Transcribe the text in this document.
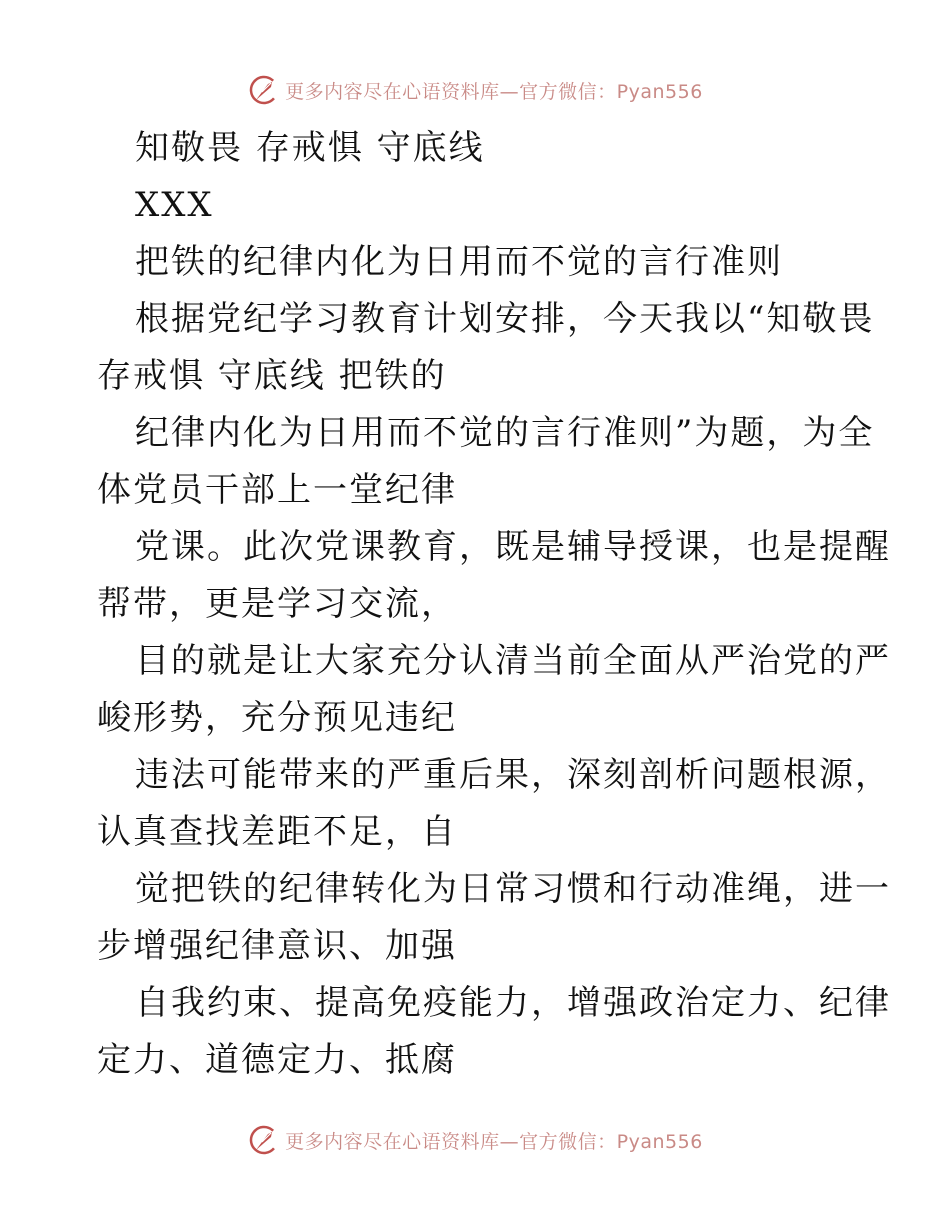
更多内容尽在心语资料库—官方微信：Pyan556
知敬畏 存戒惧 守底线
XXX
把铁的纪律内化为日用而不觉的言行准则
根据党纪学习教育计划安排，今天我以“知敬畏
存戒惧 守底线 把铁的
纪律内化为日用而不觉的言行准则”为题，为全
体党员干部上一堂纪律
党课。此次党课教育，既是辅导授课，也是提醒
帮带，更是学习交流，
目的就是让大家充分认清当前全面从严治党的严
峻形势，充分预见违纪
违法可能带来的严重后果，深刻剖析问题根源，
认真查找差距不足，自
觉把铁的纪律转化为日常习惯和行动准绳，进一
步增强纪律意识、加强
自我约束、提高免疫能力，增强政治定力、纪律
定力、道德定力、抵腐
更多内容尽在心语资料库—官方微信：Pyan556
